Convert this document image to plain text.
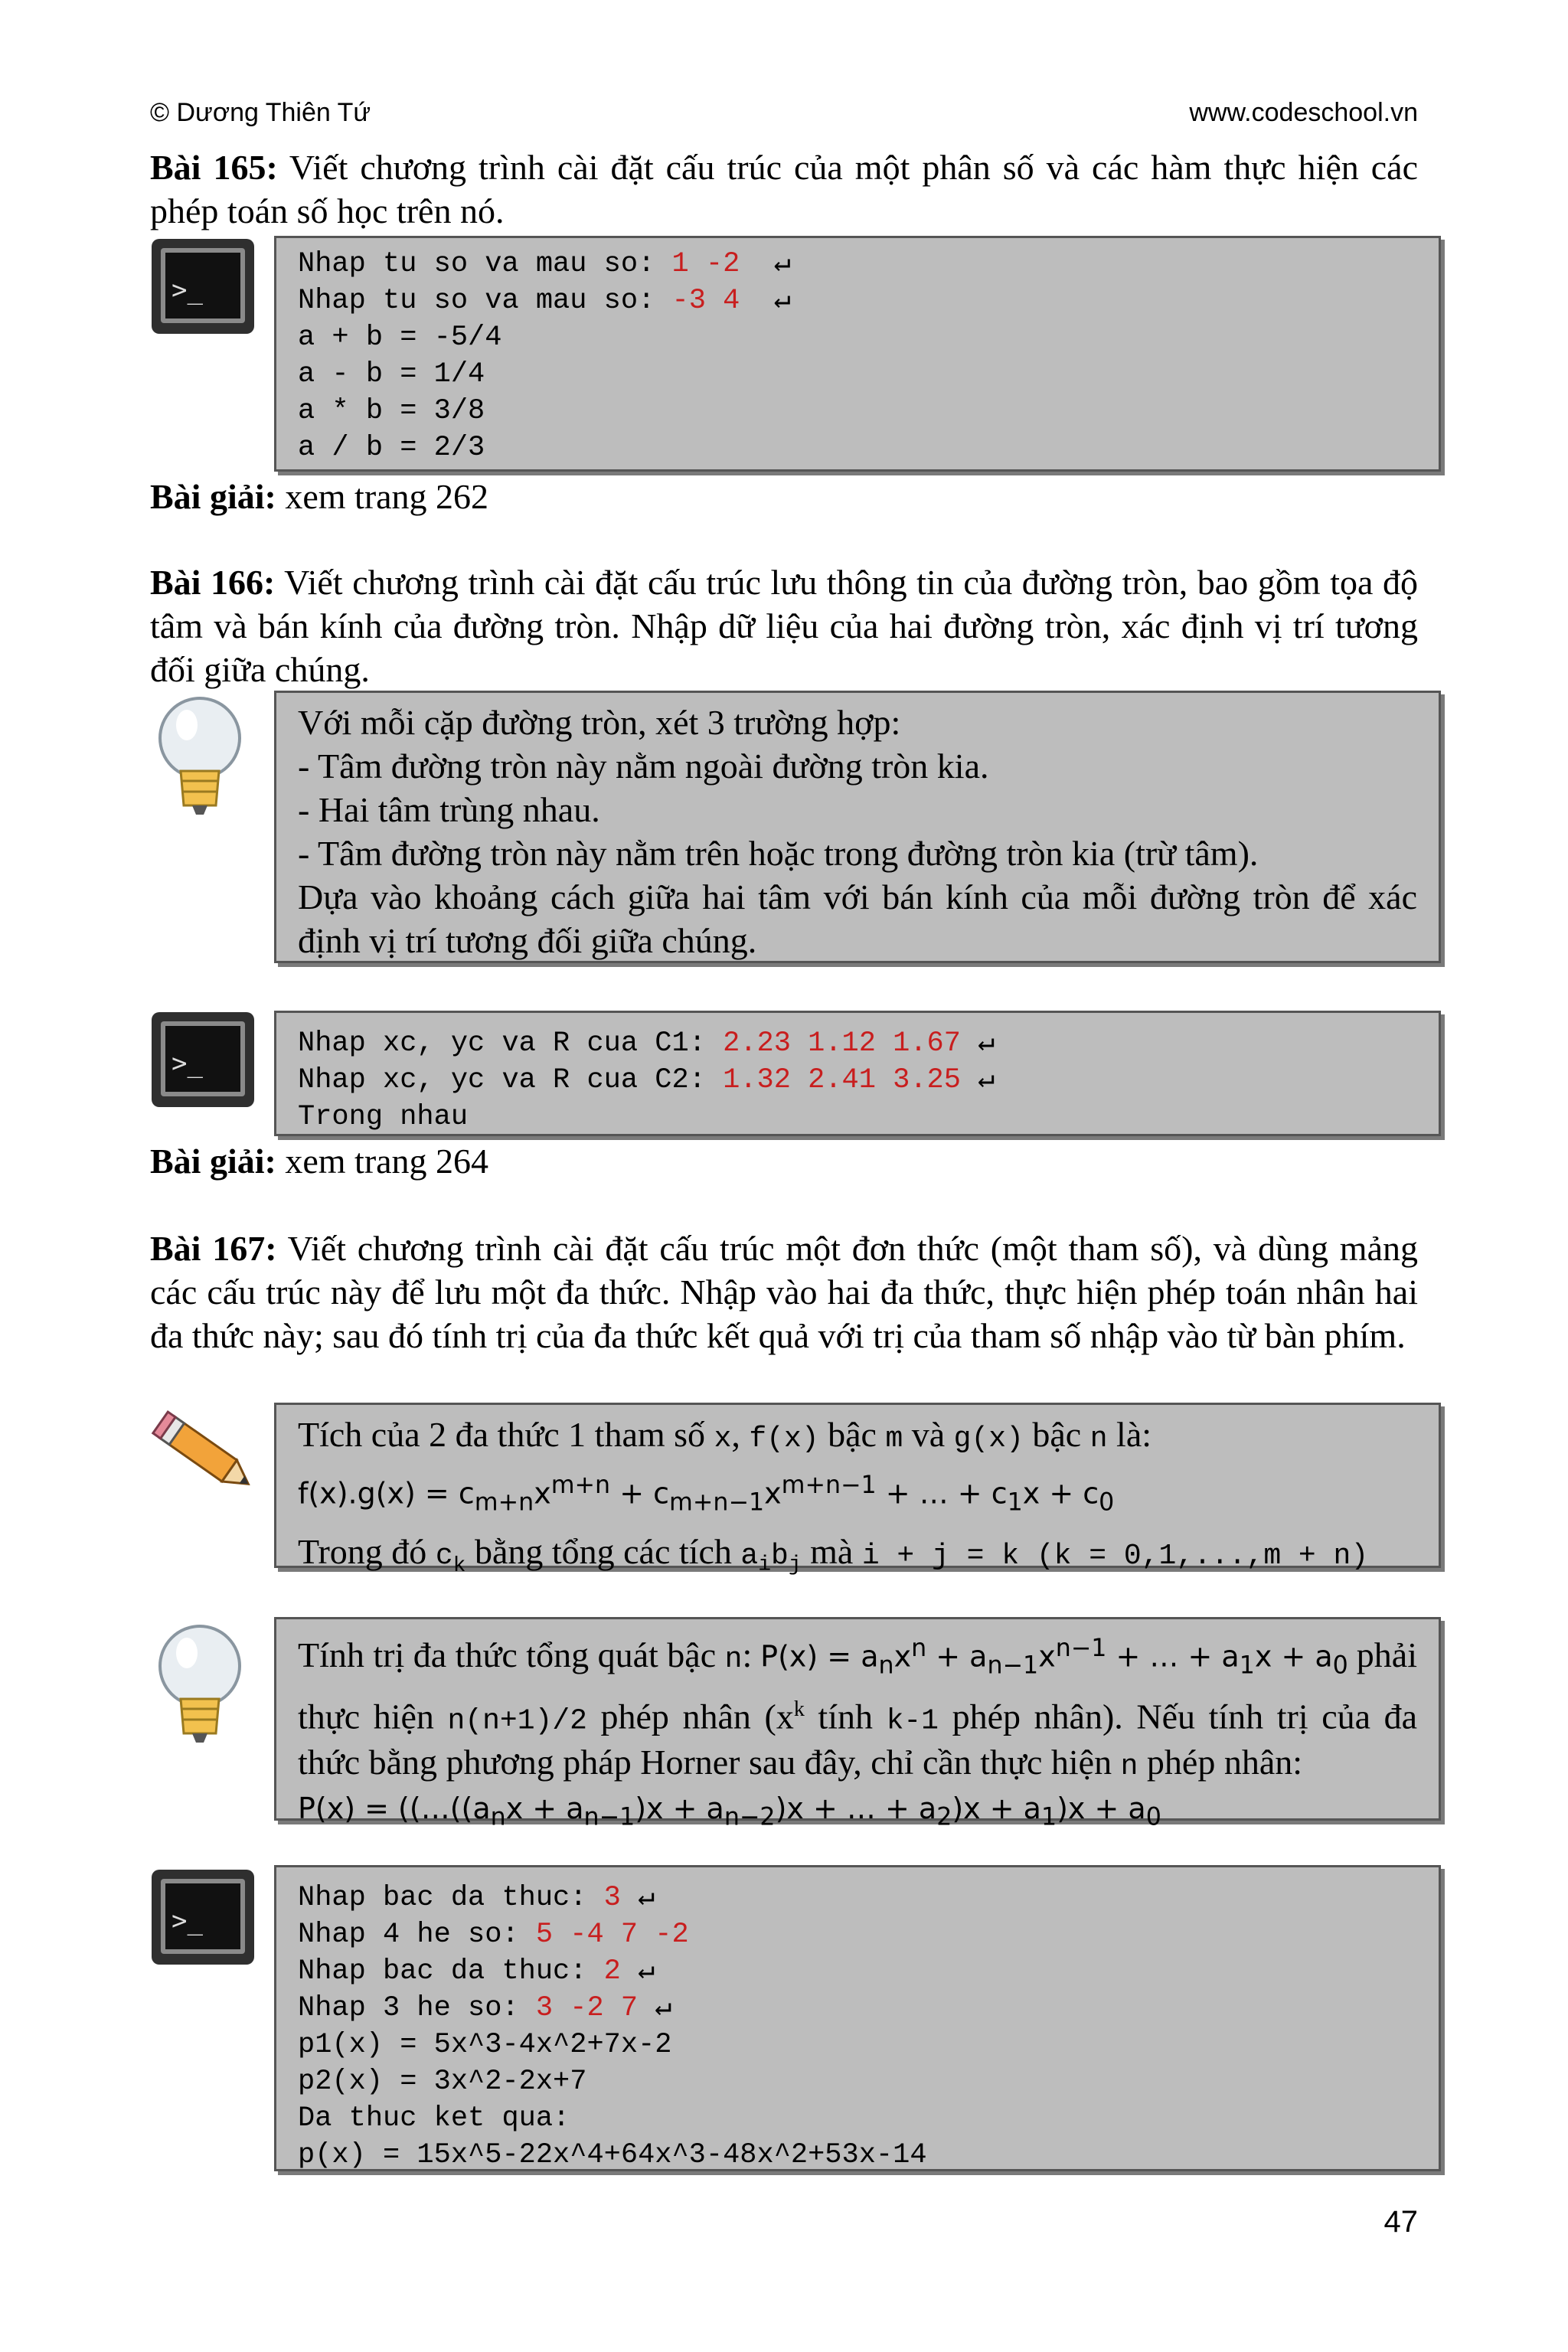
© Dương Thiên Tứ	www.codeschool.vn
Bài 165: Viết chương trình cài đặt cấu trúc của một phân số và các hàm thực hiện các phép toán số học trên nó.
>_
Nhap tu so va mau so: 1 -2  ↵
Nhap tu so va mau so: -3 4  ↵
a + b = -5/4
a - b = 1/4
a * b = 3/8
a / b = 2/3
Bài giải: xem trang 262
Bài 166: Viết chương trình cài đặt cấu trúc lưu thông tin của đường tròn, bao gồm tọa độ tâm và bán kính của đường tròn. Nhập dữ liệu của hai đường tròn, xác định vị trí tương đối giữa chúng.
Với mỗi cặp đường tròn, xét 3 trường hợp:
- Tâm đường tròn này nằm ngoài đường tròn kia.
- Hai tâm trùng nhau.
- Tâm đường tròn này nằm trên hoặc trong đường tròn kia (trừ tâm).
Dựa vào khoảng cách giữa hai tâm với bán kính của mỗi đường tròn để xác định vị trí tương đối giữa chúng.
>_
Nhap xc, yc va R cua C1: 2.23 1.12 1.67 ↵
Nhap xc, yc va R cua C2: 1.32 2.41 3.25 ↵
Trong nhau
Bài giải: xem trang 264
Bài 167: Viết chương trình cài đặt cấu trúc một đơn thức (một tham số), và dùng mảng các cấu trúc này để lưu một đa thức. Nhập vào hai đa thức, thực hiện phép toán nhân hai đa thức này; sau đó tính trị của đa thức kết quả với trị của tham số nhập vào từ bàn phím.
Tích của 2 đa thức 1 tham số x, f(x) bậc m và g(x) bậc n là:
$f(x).g(x) = c_{m+n}x^{m+n} + c_{m+n-1}x^{m+n-1}$ + … + $c_1x + c_0$
Trong đó $c_k$ bằng tổng các tích $a_ib_j$ mà i + j = k (k = 0,1,...,m + n)
Tính trị đa thức tổng quát bậc n: $P(x) = a_nx^n + a_{n-1}x^{n-1}$ + … + $a_1x + a_0$ phải
thực hiện n(n+1)/2 phép nhân ($x^k$ tính k-1 phép nhân). Nếu tính trị của đa thức bằng phương pháp Horner sau đây, chỉ cần thực hiện n phép nhân:
$P(x) = ((\dots((a_nx + a_{n-1})x + a_{n-2})x$ + … + $a_2)x + a_1)x + a_0$
>_
Nhap bac da thuc: 3 ↵
Nhap 4 he so: 5 -4 7 -2
Nhap bac da thuc: 2 ↵
Nhap 3 he so: 3 -2 7 ↵
p1(x) = 5x^3-4x^2+7x-2
p2(x) = 3x^2-2x+7
Da thuc ket qua:
p(x) = 15x^5-22x^4+64x^3-48x^2+53x-14
47
